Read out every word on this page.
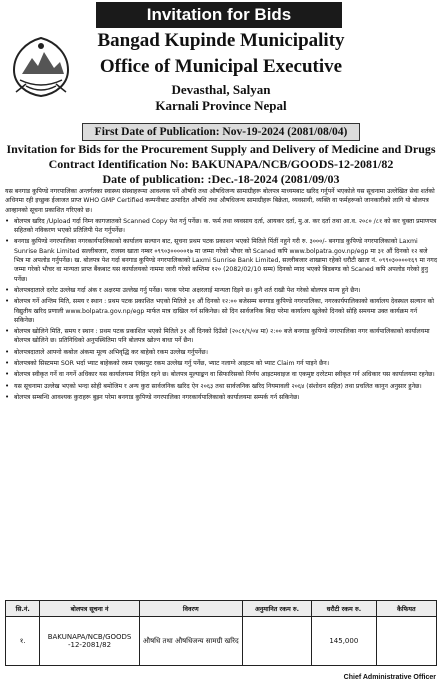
Invitation for Bids
Bangad Kupinde Municipality
Office of Municipal Executive
Devasthal, Salyan
Karnali Province Nepal
First Date of Publication: Nov-19-2024 (2081/08/04)
Invitation for Bids for the Procurement Supply and Delivery of Medicine and Drugs
Contract Identification No: BAKUNAPA/NCB/GOODS-12-2081/82
Date of publication: :Dec.-18-2024 (2081/09/03

यस बनगाड कुपिण्डे नगरपालिका अन्तर्गतका स्वास्थ्य संस्थाहरूमा आवश्यक पर्ने औषधि तथा औषधिजन्य सामाग्रीहरू बोलपत्र माध्यमबाट खरिद गर्नुपर्ने भएकोले यस सूचनामा उल्लेखित सेवा शर्तको अधिनमा रही इच्छुक ईजाजत प्राप्त WHO GMP Certified कम्पनीबाट उत्पादित औषधि तथा औषधिजन्य सामाग्रीहरू बिक्रेता, व्यवसायी, व्यक्ति वा फर्महरूको जानकारीको लागि यो बोलपत्र आव्हानको सूचना प्रकाशित गरिएको छ।

• बोलपत्र खरिद /Upload गर्दा निम्न कागजातको Scanned Copy पेश गर्नु पर्नेछ। क. फर्म तथा व्यवसाय दर्ता, आयकर दर्ता, मु.अ. कर दर्ता तथा आ.व. २०८० /८१ को कर चुक्ता प्रमाणपत्र सहितको नविकरण भएको प्रतिलिपी पेश गर्नुपर्नेछ।
• बनगाड कुपिण्डे नगरपालिका नगरकार्यपालिकाको कार्यालय सल्यान बाट, सूचना प्रथम पटक प्रकाशन भएको मितिले पिंतीं नहुने गरी रु. ३०००/- बनगाड कुपिण्डे नगरपालिकाको Laxmi Sunrise Bank Limited सल्लीबजार, राजस्व खाता नम्बर ०९९०३०००००१७ मा जम्मा गरेको भौचर को Scaned कपि www.bolpatra.gov.np/egp मा ३१ औं दिनको १२ बजे भित्र मा अपलोड गर्नुपर्नेछ। ख. बोलपत्र पेश गर्दा बनगाड कुपिण्डे नगरपालिकाको Laxmi Sunrise Bank Limited, सल्लीबजार शाखामा रहेको धरौटी खाता नं. ०९९०३००००१६९ मा नगद जम्मा गरेको भौचर वा मान्यता प्राप्त बैंकबाट यस कार्यालयको नाममा जारी गरेको कम्तिमा १२० (2082/02/10 सम्म) दिनको म्याद भएको बिडबण्ड को Scaned कपि अपलोड गरेको हुनु पर्नेछ।
• बोलपत्रदाताले दररेट उल्लेख गर्दा अंक र अक्षरमा उल्लेख गर्नु पर्नेछ। फरक परेमा अक्षरलाई मान्यता दिइने छ। कुनै शर्त राखी पेश गरेको बोलपत्र मान्य हुने छैन।
• बोलपत्र गर्ने अन्तिम मिति, समय र स्थान : प्रथम पटक प्रकाशित भएको मितिले ३१ औं दिनको १२:०० बजेसम्म बनगाड कुपिण्डे नगरपालिका, नगरकार्यपालिकाको कार्यालय देवस्थल सल्यान को विद्युतीय खरिद प्रणाली www.bolpatra.gov.np/egp मार्फत मात्र दाखिल गर्न सकिनेछ। सो दिन सार्वजनिक बिदा परेमा कार्यालय खुलेको दिनको सोहि समयमा उक्त कार्यक्रम गर्न सकिनेछ।
• बोलपत्र खोलिने मिति, समय र स्थान : प्रथम पटक प्रकाशित भएको मितिले ३१ औं दिनको दिउँसो (२०८१/९/०४ मा) २:०० बजे बनगाड कुपिण्डे नगरपालिका नगर कार्यपालिकाको कार्यालयमा बोलपत्र खोलिने छ। प्रतिनिधिको अनुपस्थितिमा पनि बोलपत्र खोल्न बाधा पर्ने छैन।
• बोलपत्रदाताले आफ्नो कबोल अंकमा मूल्य अभिवृद्धि कर बाहेको रकम उल्लेख गर्नुपर्नेछ।
• बोलपत्रको सिस्टममा SOR भर्दा भ्याट बाहेकको रकम एक्सपुट रकम उल्लेख गर्नु पर्नेछ, भ्याट नलाग्ने आइटम को भ्याट Claim गर्न पाइने छैन।
• बोलपत्र स्वीकृत गर्ने वा नगर्ने अधिकार यस कार्यालयमा निहित रहने छ। बोलपत्र मूल्याङ्कन वा सिफारिसको निर्णय आइटमवाइज वा एकमुष्ट दररेटमा स्वीकृत गर्न अधिकार यस कार्यालयमा रहनेछ।
• यस सूचनामा उल्लेख भएको भन्दा सोही बमोजिम र अन्य कुरा सार्वजनिक खरिद ऐन २०६३ तथा सार्वजनिक खरिद नियमावली २०६४ (संशोधन सहित) तथा प्रचलित कानुन अनुसार हुनेछ।
• बोलपत्र सम्बन्धि आवश्यक कुराहरू बुझ्न परेमा बनगाड कुपिण्डे नगरपालिका नगरकार्यपालिकाको कार्यालयमा सम्पर्क गर्न सकिनेछ।
सि.नं.	बोलपत्र सूचना नं	विवरण	अनुमानित रकम रु.	धरौटी रकम रु.	कैफियत
१.	BAKUNAPA/NCB/GOODS -12-2081/82	औषधि तथा औषधिजन्य सामग्री खरिद		145,000	
Chief Administrative Officer
